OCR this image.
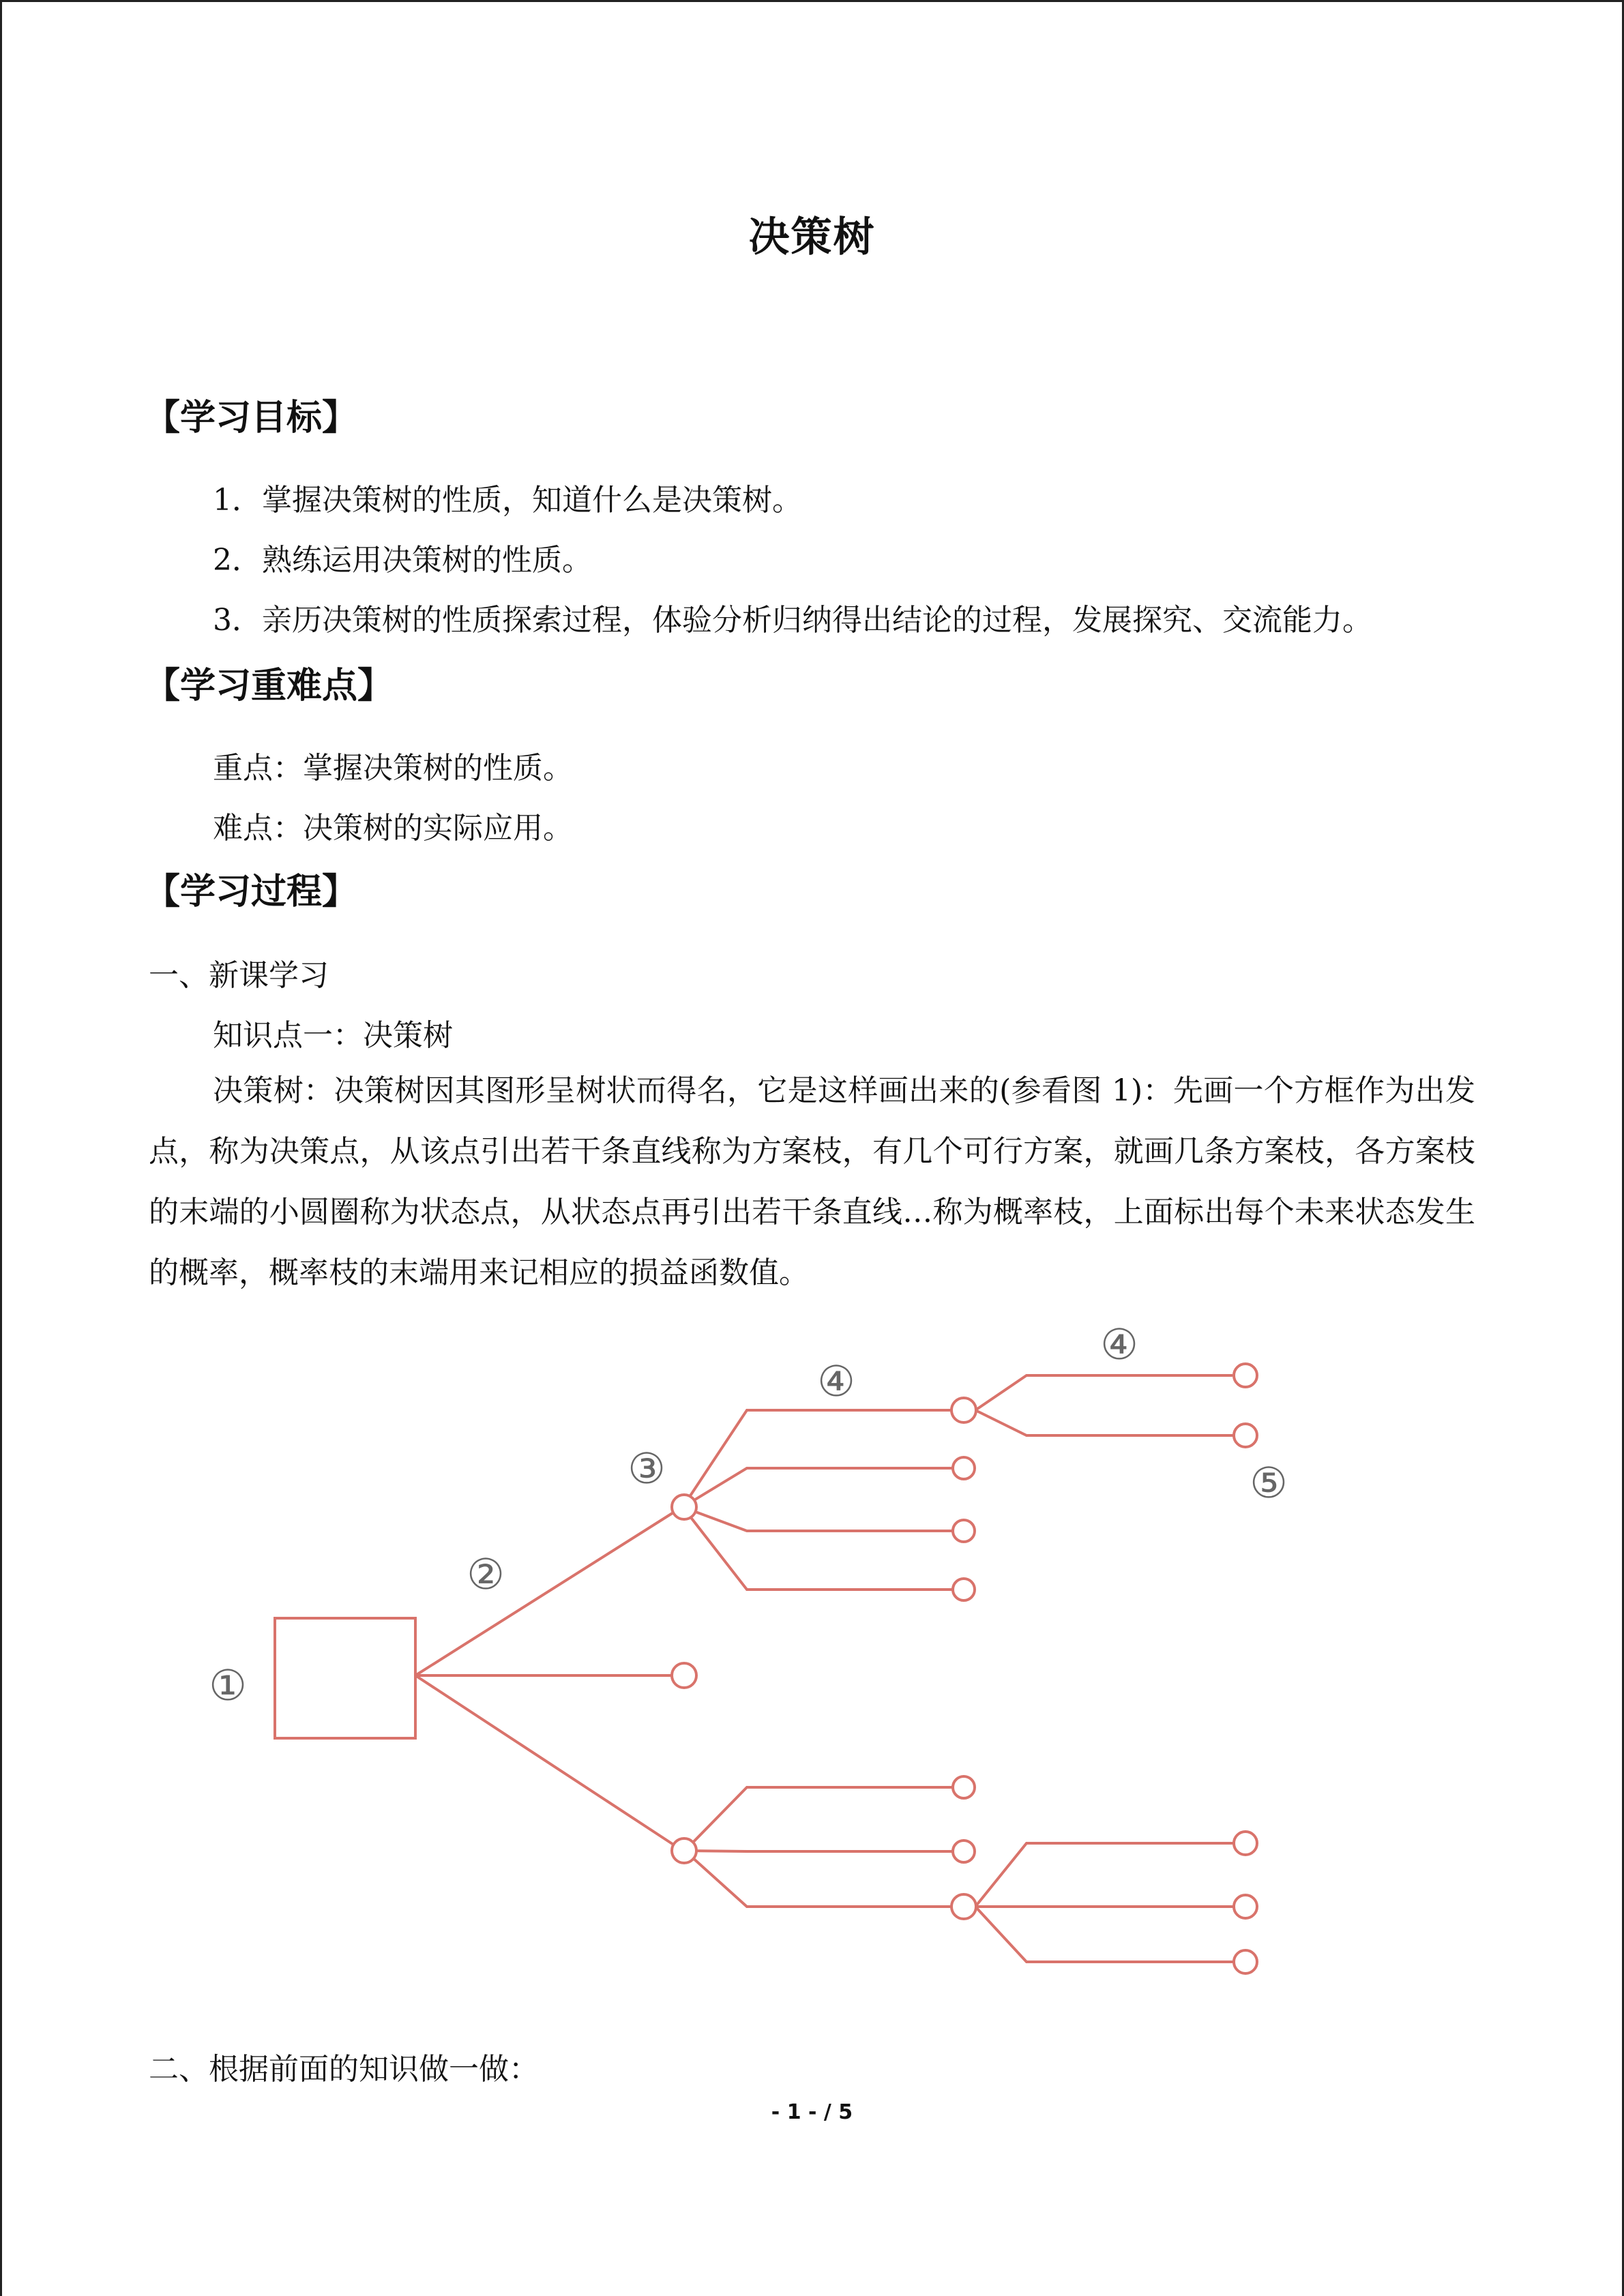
决策树
【学习目标】
1．掌握决策树的性质，知道什么是决策树。
2．熟练运用决策树的性质。
3．亲历决策树的性质探索过程，体验分析归纳得出结论的过程，发展探究、交流能力。
【学习重难点】
重点：掌握决策树的性质。
难点：决策树的实际应用。
【学习过程】
一、新课学习
知识点一：决策树
决策树：决策树因其图形呈树状而得名，它是这样画出来的(参看图 1)：先画一个方框作为出发点，称为决策点，从该点引出若干条直线称为方案枝，有几个可行方案，就画几条方案枝，各方案枝的末端的小圆圈称为状态点，从状态点再引出若干条直线…称为概率枝，上面标出每个未来状态发生的概率，概率枝的末端用来记相应的损益函数值。
①
②
③
④
④
⑤
二、根据前面的知识做一做：
- 1 - / 5
